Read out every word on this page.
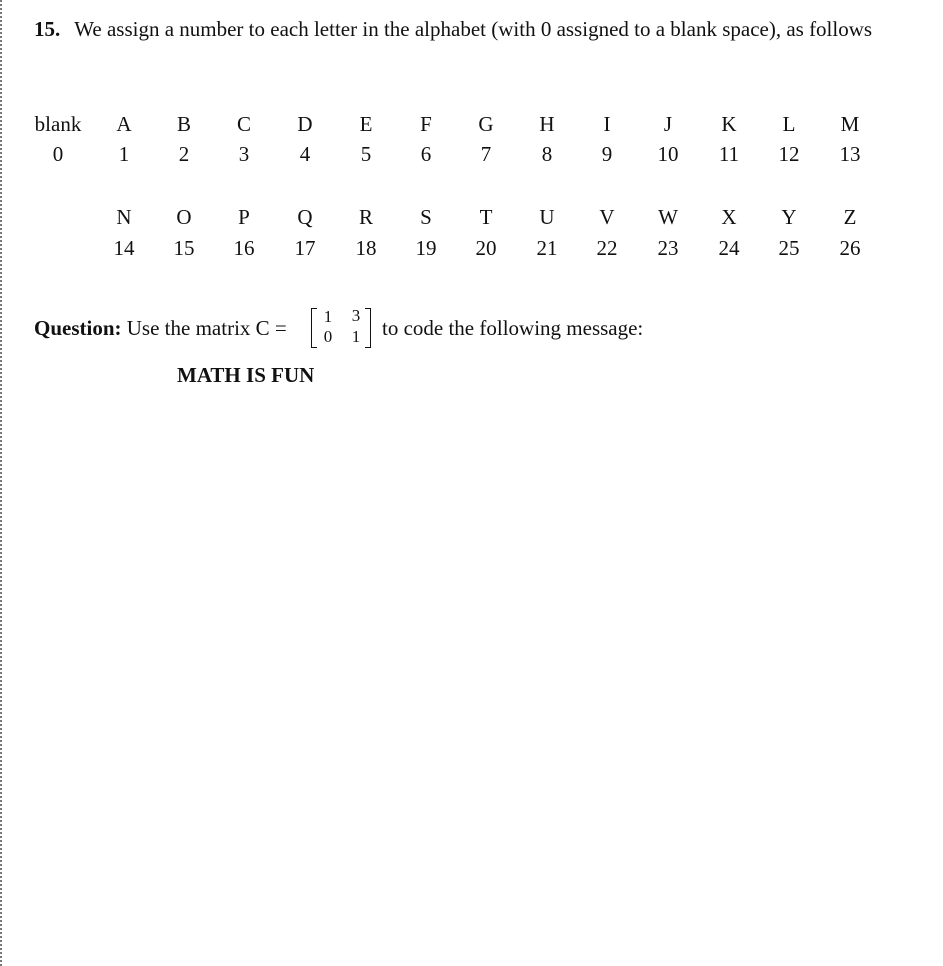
15. We assign a number to each letter in the alphabet (with 0 assigned to a blank space), as follows
blank
0
A
1
B
2
C
3
D
4
E
5
F
6
G
7
H
8
I
9
J
10
K
11
L
12
M
13
N
14
O
15
P
16
Q
17
R
18
S
19
T
20
U
21
V
22
W
23
X
24
Y
25
Z
26
Question: Use the matrix C = 1 3
0 1 to code the following message:
MATH IS FUN
